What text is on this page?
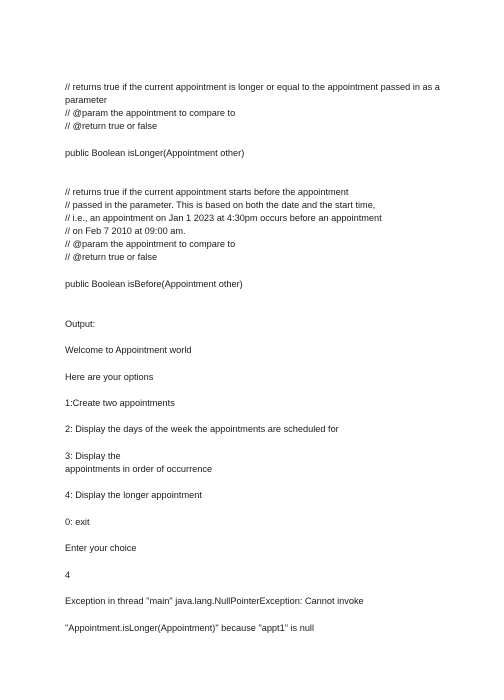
// returns true if the current appointment is longer or equal to the appointment passed in as a
parameter
// @param the appointment to compare to
// @return true or false
public Boolean isLonger(Appointment other)
// returns true if the current appointment starts before the appointment
// passed in the parameter. This is based on both the date and the start time,
// i.e., an appointment on Jan 1 2023 at 4:30pm occurs before an appointment
// on Feb 7 2010 at 09:00 am.
// @param the appointment to compare to
// @return true or false
public Boolean isBefore(Appointment other)
Output:
Welcome to Appointment world
Here are your options
1:Create two appointments
2: Display the days of the week the appointments are scheduled for
3: Display the
appointments in order of occurrence
4: Display the longer appointment
0: exit
Enter your choice
4
Exception in thread "main" java.lang.NullPointerException: Cannot invoke
"Appointment.isLonger(Appointment)" because "appt1" is null
